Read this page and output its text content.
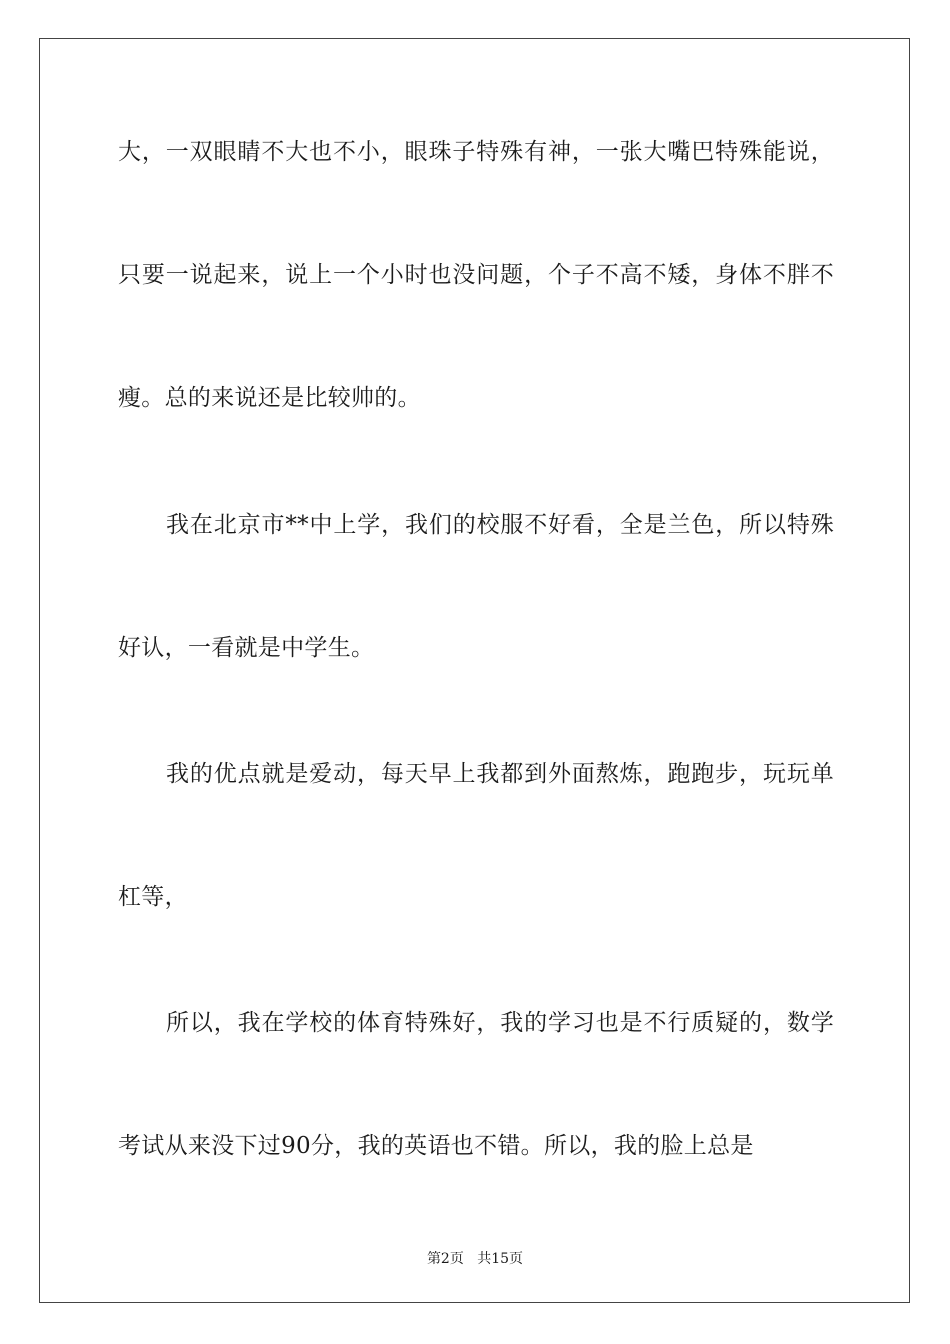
大，一双眼睛不大也不小，眼珠子特殊有神，一张大嘴巴特殊能说，
只要一说起来，说上一个小时也没问题，个子不高不矮，身体不胖不
瘦。总的来说还是比较帅的。
我在北京市**中上学，我们的校服不好看，全是兰色，所以特殊
好认，一看就是中学生。
我的优点就是爱动，每天早上我都到外面熬炼，跑跑步，玩玩单
杠等，
所以，我在学校的体育特殊好，我的学习也是不行质疑的，数学
考试从来没下过90分，我的英语也不错。所以，我的脸上总是
第2页 共15页
